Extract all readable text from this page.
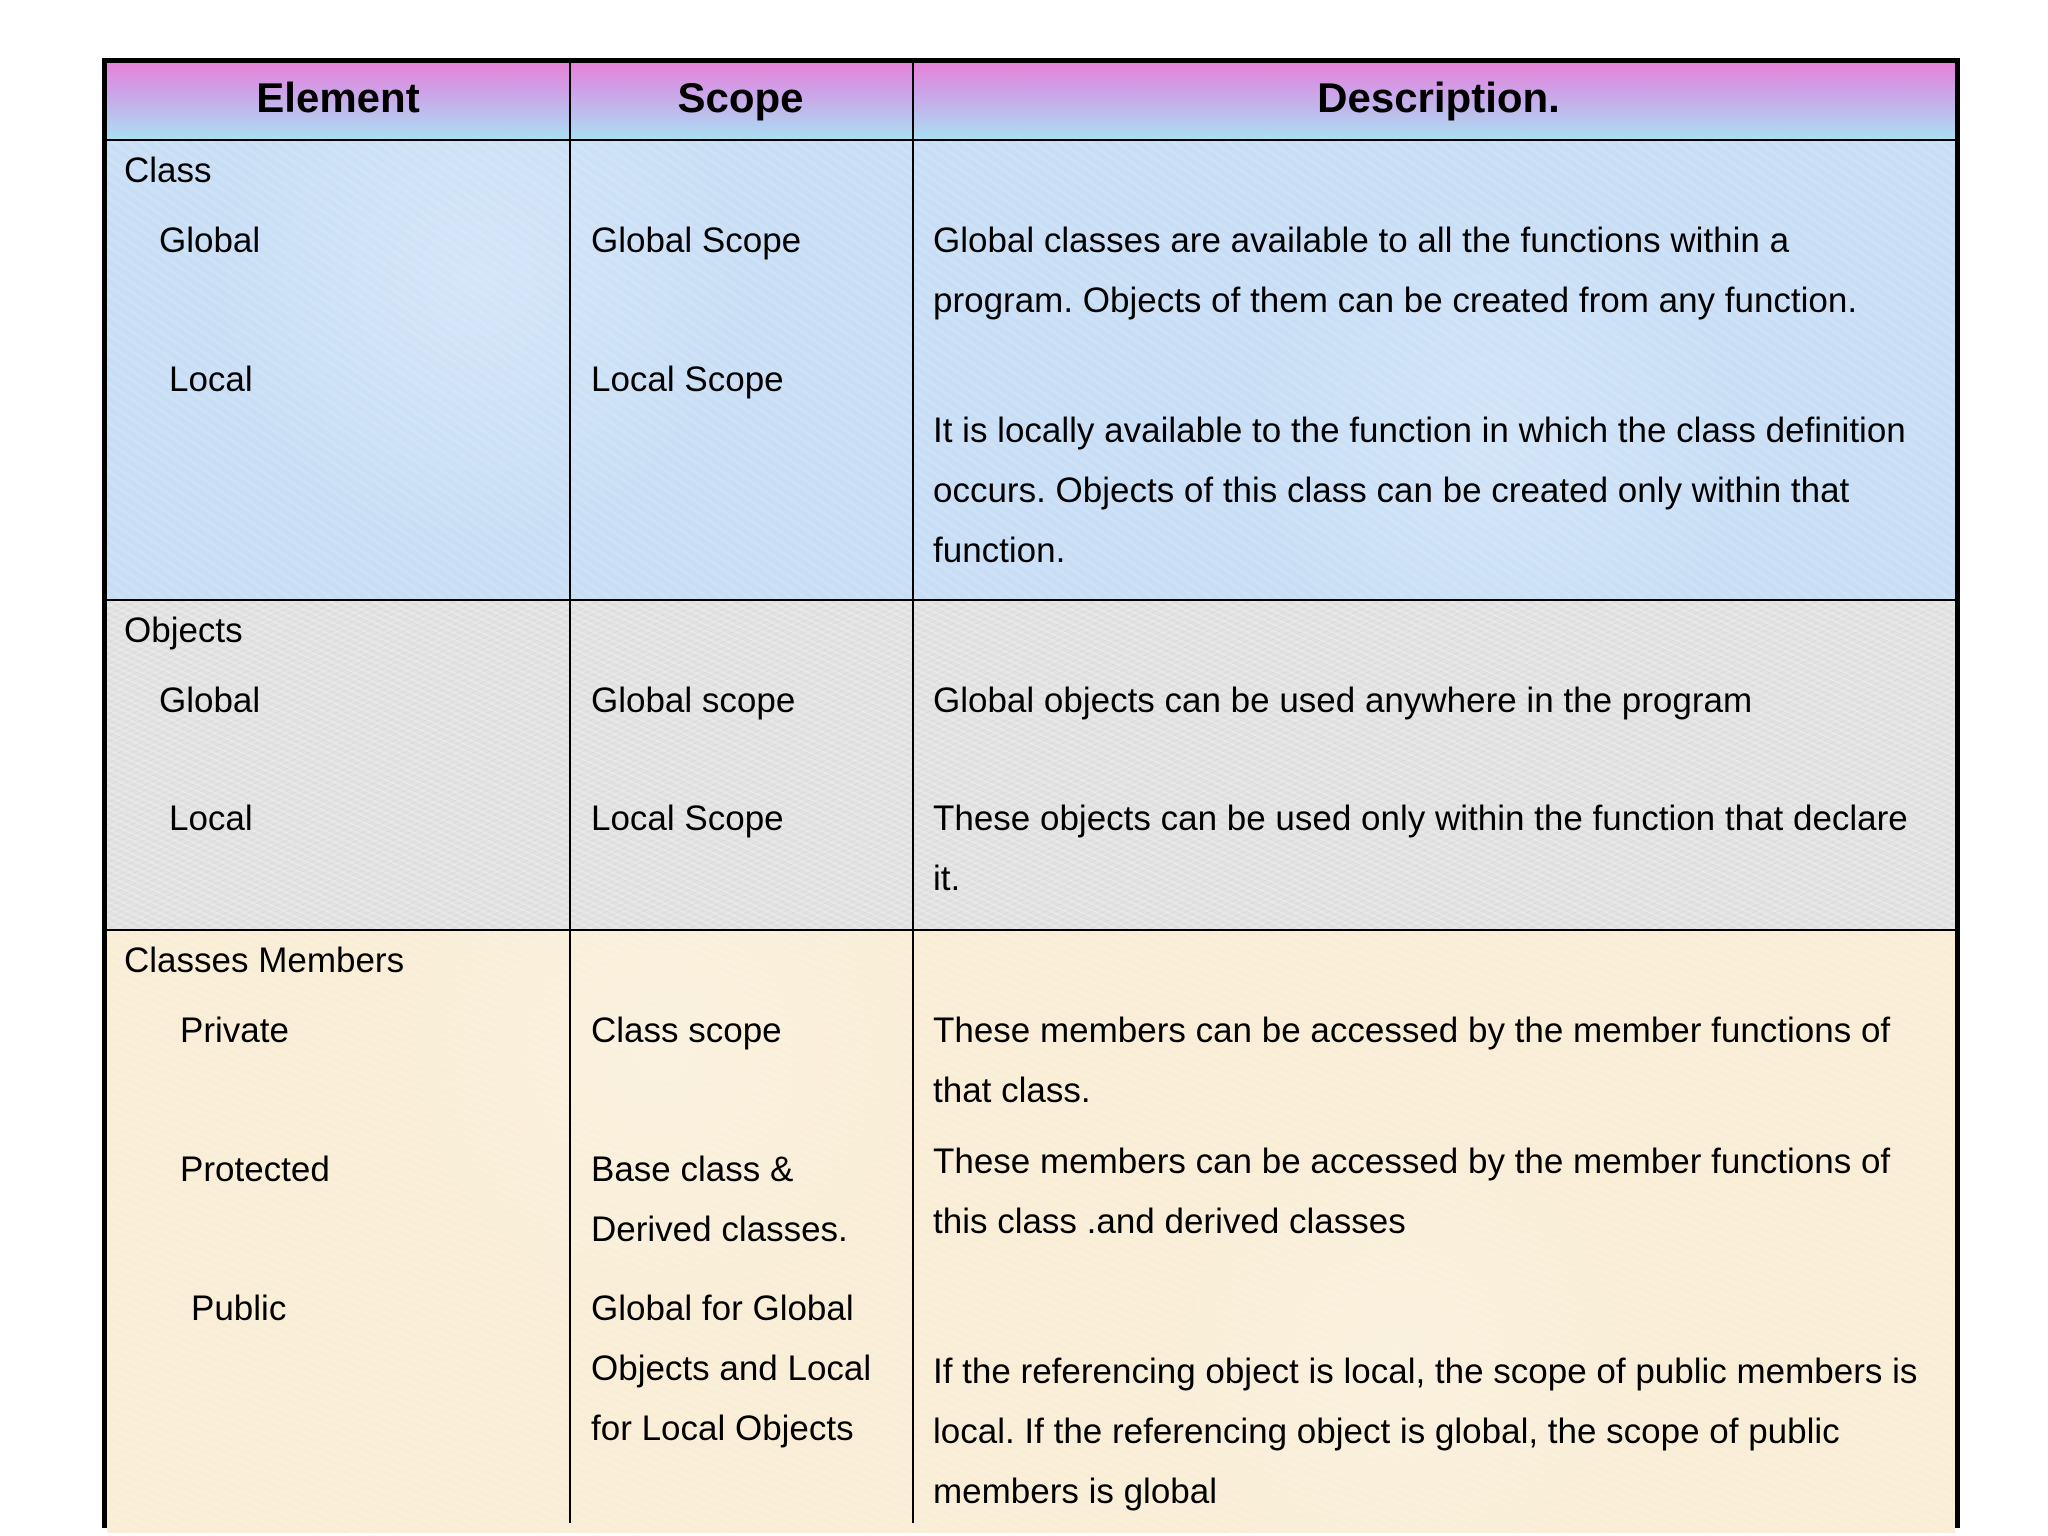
Element	Scope	Description.
Class
Global
Local
Global Scope
Local Scope
Global classes are available to all the functions within a program. Objects of them can be created from any function.
It is locally available to the function in which the class definition occurs. Objects of this class can be created only within that function.
Objects
Global
Local
Global scope
Local Scope
Global objects can be used anywhere in the program
These objects can be used only within the function that declare it.
Classes Members
Private
Protected
Public
Class scope
Base class & Derived classes.
Global for Global Objects and Local for Local Objects
These members can be accessed by the member functions of that class.
These members can be accessed by the member functions of this class .and derived classes
If the referencing object is local, the scope of public members is local. If the referencing object is global, the scope of public members is global
